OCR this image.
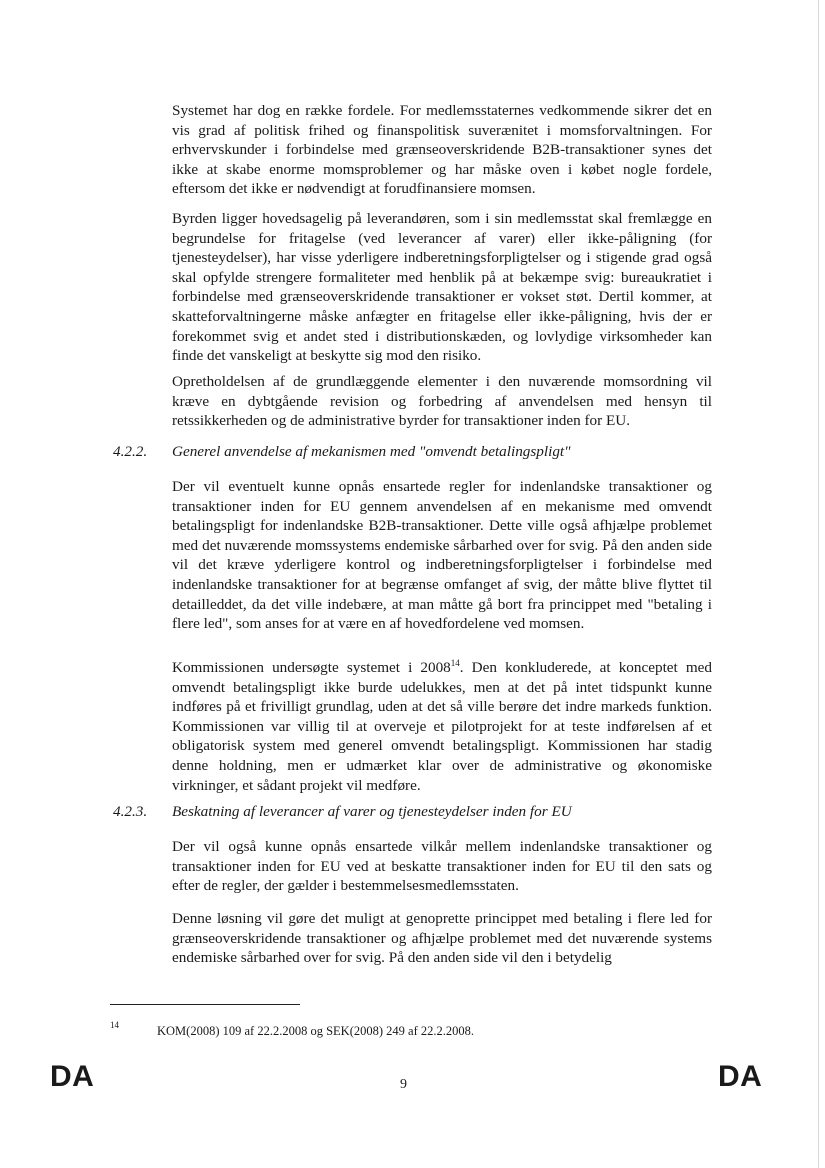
Systemet har dog en række fordele. For medlemsstaternes vedkommende sikrer det en vis grad af politisk frihed og finanspolitisk suverænitet i momsforvaltningen. For erhvervskunder i forbindelse med grænseoverskridende B2B-transaktioner synes det ikke at skabe enorme momsproblemer og har måske oven i købet nogle fordele, eftersom det ikke er nødvendigt at forudfinansiere momsen.

Byrden ligger hovedsagelig på leverandøren, som i sin medlemsstat skal fremlægge en begrundelse for fritagelse (ved leverancer af varer) eller ikke-påligning (for tjenesteydelser), har visse yderligere indberetningsforpligtelser og i stigende grad også skal opfylde strengere formaliteter med henblik på at bekæmpe svig: bureaukratiet i forbindelse med grænseoverskridende transaktioner er vokset støt. Dertil kommer, at skatteforvaltningerne måske anfægter en fritagelse eller ikke-påligning, hvis der er forekommet svig et andet sted i distributionskæden, og lovlydige virksomheder kan finde det vanskeligt at beskytte sig mod den risiko.

Opretholdelsen af de grundlæggende elementer i den nuværende momsordning vil kræve en dybtgående revision og forbedring af anvendelsen med hensyn til retssikkerheden og de administrative byrder for transaktioner inden for EU.

4.2.2. Generel anvendelse af mekanismen med "omvendt betalingspligt"

Der vil eventuelt kunne opnås ensartede regler for indenlandske transaktioner og transaktioner inden for EU gennem anvendelsen af en mekanisme med omvendt betalingspligt for indenlandske B2B-transaktioner. Dette ville også afhjælpe problemet med det nuværende momssystems endemiske sårbarhed over for svig. På den anden side vil det kræve yderligere kontrol og indberetningsforpligtelser i forbindelse med indenlandske transaktioner for at begrænse omfanget af svig, der måtte blive flyttet til detailleddet, da det ville indebære, at man måtte gå bort fra princippet med "betaling i flere led", som anses for at være en af hovedfordelene ved momsen.

Kommissionen undersøgte systemet i 2008$^{14}$. Den konkluderede, at konceptet med omvendt betalingspligt ikke burde udelukkes, men at det på intet tidspunkt kunne indføres på et frivilligt grundlag, uden at det så ville berøre det indre markeds funktion. Kommissionen var villig til at overveje et pilotprojekt for at teste indførelsen af et obligatorisk system med generel omvendt betalingspligt. Kommissionen har stadig denne holdning, men er udmærket klar over de administrative og økonomiske virkninger, et sådant projekt vil medføre.

4.2.3. Beskatning af leverancer af varer og tjenesteydelser inden for EU

Der vil også kunne opnås ensartede vilkår mellem indenlandske transaktioner og transaktioner inden for EU ved at beskatte transaktioner inden for EU til den sats og efter de regler, der gælder i bestemmelsesmedlemsstaten.

Denne løsning vil gøre det muligt at genoprette princippet med betaling i flere led for grænseoverskridende transaktioner og afhjælpe problemet med det nuværende systems endemiske sårbarhed over for svig. På den anden side vil den i betydelig

14	KOM(2008) 109 af 22.2.2008 og SEK(2008) 249 af 22.2.2008.
DA	9	DA
